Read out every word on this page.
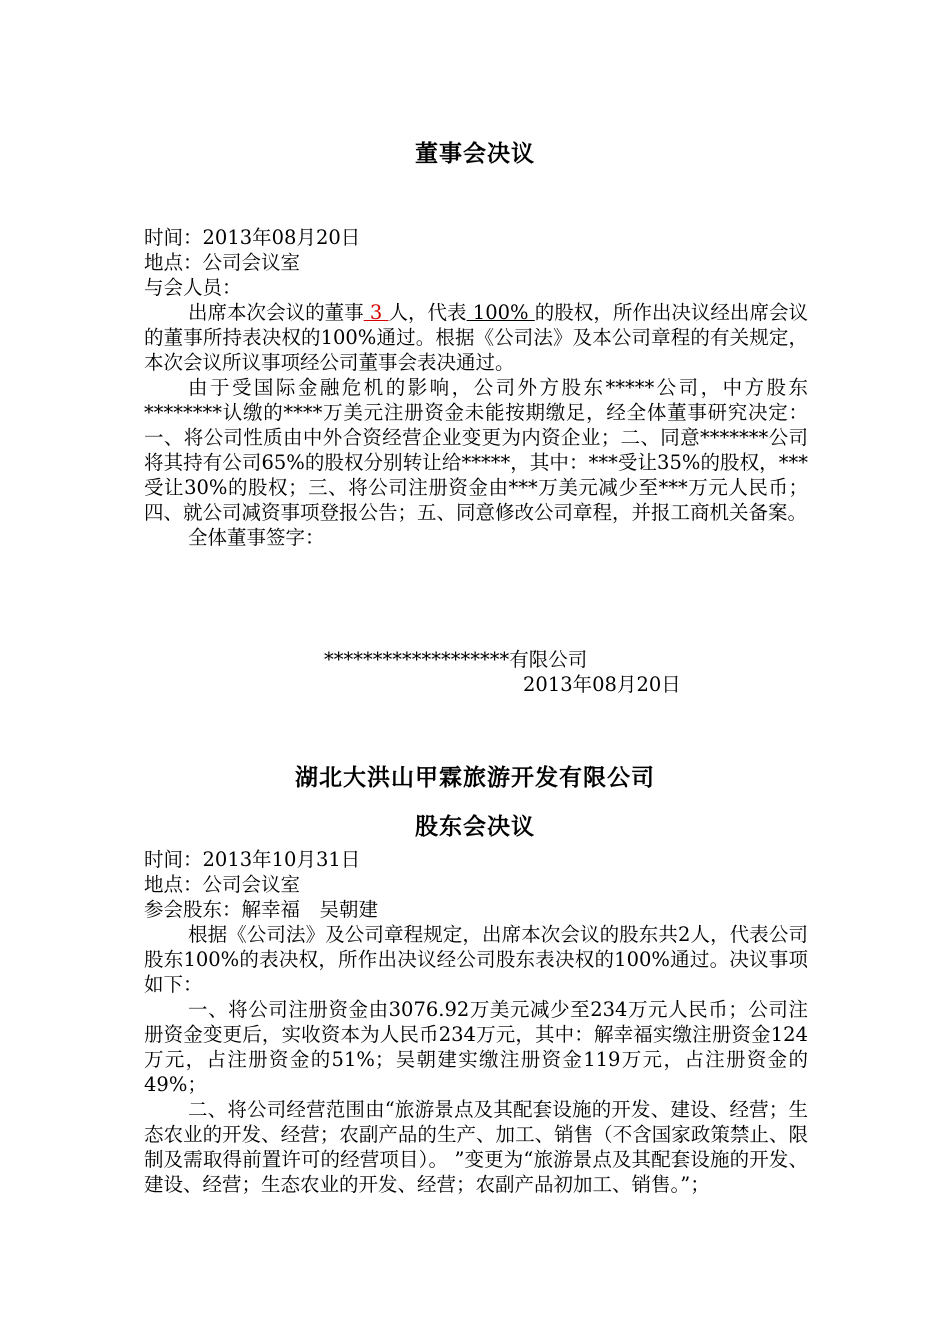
董事会决议
时间：2013年08月20日
地点：公司会议室
与会人员：
出席本次会议的董事 3 人，代表 100% 的股权，所作出决议经出席会议的董事所持表决权的100%通过。根据《公司法》及本公司章程的有关规定，本次会议所议事项经公司董事会表决通过。
由于受国际金融危机的影响，公司外方股东*****公司，中方股东********认缴的****万美元注册资金未能按期缴足，经全体董事研究决定：一、将公司性质由中外合资经营企业变更为内资企业；二、同意*******公司将其持有公司65%的股权分别转让给*****，其中：***受让35%的股权，***受让30%的股权；三、将公司注册资金由***万美元减少至***万元人民币；四、就公司减资事项登报公告；五、同意修改公司章程，并报工商机关备案。
全体董事签字：
*******************有限公司
2013年08月20日
湖北大洪山甲霖旅游开发有限公司
股东会决议
时间：2013年10月31日
地点：公司会议室
参会股东：解幸福　吴朝建
根据《公司法》及公司章程规定，出席本次会议的股东共2人，代表公司股东100%的表决权，所作出决议经公司股东表决权的100%通过。决议事项如下：
一、将公司注册资金由3076.92万美元减少至234万元人民币；公司注册资金变更后，实收资本为人民币234万元，其中：解幸福实缴注册资金124万元，占注册资金的51%；吴朝建实缴注册资金119万元，占注册资金的49%；
二、将公司经营范围由“旅游景点及其配套设施的开发、建设、经营；生态农业的开发、经营；农副产品的生产、加工、销售（不含国家政策禁止、限制及需取得前置许可的经营项目）。 ”变更为“旅游景点及其配套设施的开发、建设、经营；生态农业的开发、经营；农副产品初加工、销售。”；
